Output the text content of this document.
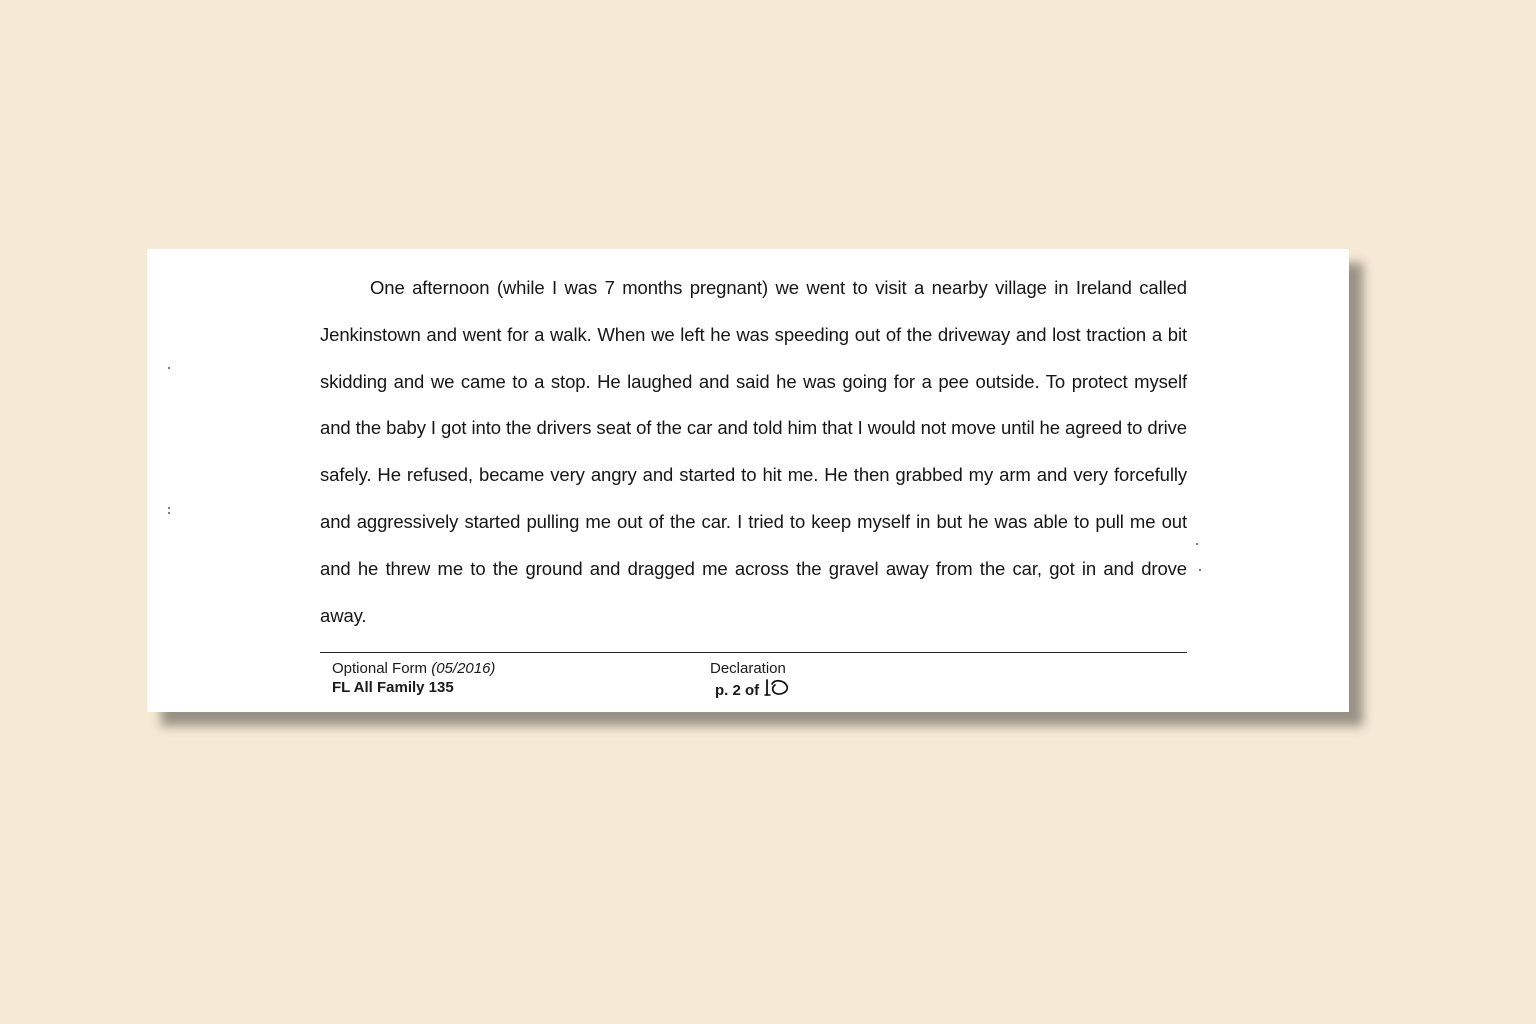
One afternoon (while I was 7 months pregnant) we went to visit a nearby village in Ireland called Jenkinstown and went for a walk. When we left he was speeding out of the driveway and lost traction a bit skidding and we came to a stop. He laughed and said he was going for a pee outside. To protect myself and the baby I got into the drivers seat of the car and told him that I would not move until he agreed to drive safely. He refused, became very angry and started to hit me. He then grabbed my arm and very forcefully and aggressively started pulling me out of the car. I tried to keep myself in but he was able to pull me out and he threw me to the ground and dragged me across the gravel away from the car, got in and drove away.

Optional Form (05/2016)
FL All Family 135
Declaration
p. 2 of
